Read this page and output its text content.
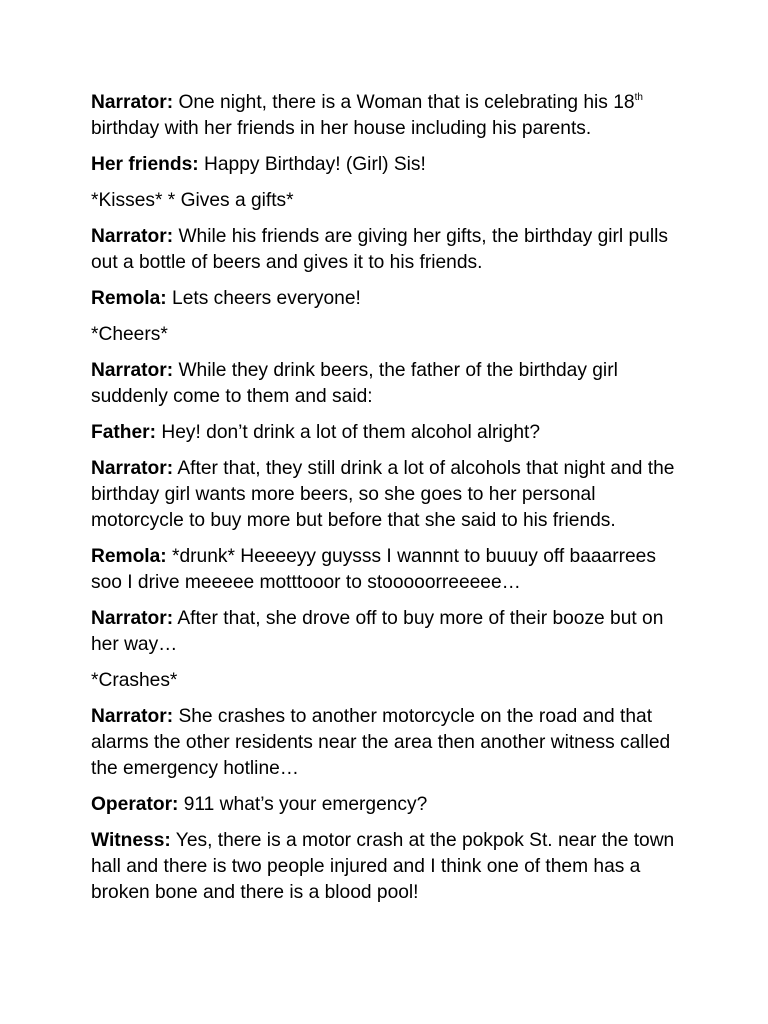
Narrator: One night, there is a Woman that is celebrating his 18th birthday with her friends in her house including his parents.

Her friends: Happy Birthday! (Girl) Sis!

*Kisses* * Gives a gifts*

Narrator: While his friends are giving her gifts, the birthday girl pulls out a bottle of beers and gives it to his friends.

Remola: Lets cheers everyone!

*Cheers*

Narrator: While they drink beers, the father of the birthday girl suddenly come to them and said:

Father: Hey! don’t drink a lot of them alcohol alright?

Narrator: After that, they still drink a lot of alcohols that night and the birthday girl wants more beers, so she goes to her personal motorcycle to buy more but before that she said to his friends.

Remola: *drunk* Heeeeyy guysss I wannnt to buuuy off baaarrees soo I drive meeeee motttooor to stooooorreeeee…

Narrator: After that, she drove off to buy more of their booze but on her way…

*Crashes*

Narrator: She crashes to another motorcycle on the road and that alarms the other residents near the area then another witness called the emergency hotline…

Operator: 911 what’s your emergency?

Witness: Yes, there is a motor crash at the pokpok St. near the town hall and there is two people injured and I think one of them has a broken bone and there is a blood pool!
